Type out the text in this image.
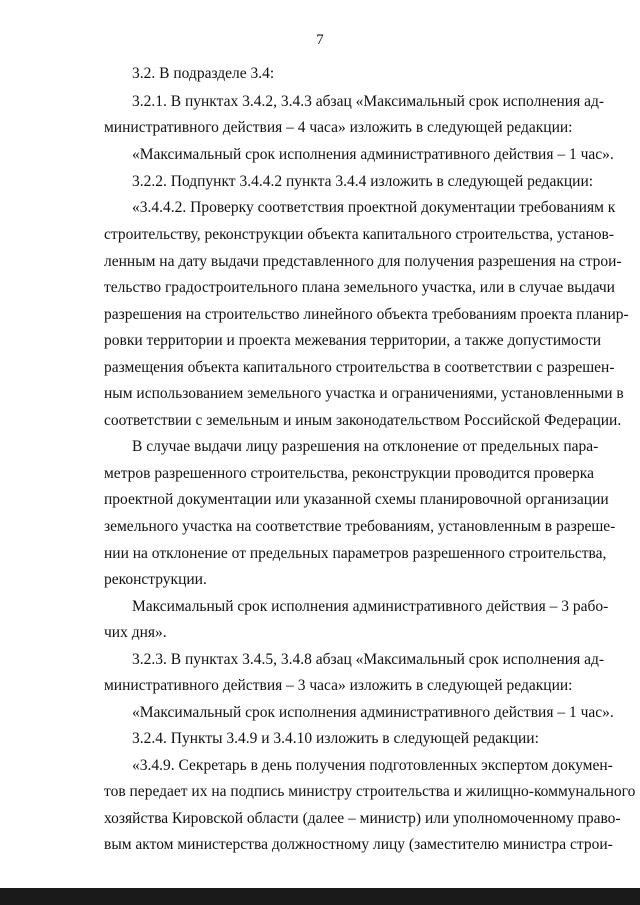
7
3.2. В подразделе 3.4:
3.2.1. В пунктах 3.4.2, 3.4.3 абзац «Максимальный срок исполнения ад-
министративного действия – 4 часа» изложить в следующей редакции:
«Максимальный срок исполнения административного действия – 1 час».
3.2.2. Подпункт 3.4.4.2 пункта 3.4.4 изложить в следующей редакции:
«3.4.4.2. Проверку соответствия проектной документации требованиям к
строительству, реконструкции объекта капитального строительства, установ-
ленным на дату выдачи представленного для получения разрешения на строи-
тельство градостроительного плана земельного участка, или в случае выдачи
разрешения на строительство линейного объекта требованиям проекта планир-
ровки территории и проекта межевания территории, а также допустимости
размещения объекта капитального строительства в соответствии с разрешен-
ным использованием земельного участка и ограничениями, установленными в
соответствии с земельным и иным законодательством Российской Федерации.
В случае выдачи лицу разрешения на отклонение от предельных пара-
метров разрешенного строительства, реконструкции проводится проверка
проектной документации или указанной схемы планировочной организации
земельного участка на соответствие требованиям, установленным в разреше-
нии на отклонение от предельных параметров разрешенного строительства,
реконструкции.
Максимальный срок исполнения административного действия – 3 рабо-
чих дня».
3.2.3. В пунктах 3.4.5, 3.4.8 абзац «Максимальный срок исполнения ад-
министративного действия – 3 часа» изложить в следующей редакции:
«Максимальный срок исполнения административного действия – 1 час».
3.2.4. Пункты 3.4.9 и 3.4.10 изложить в следующей редакции:
«3.4.9. Секретарь в день получения подготовленных экспертом докумен-
тов передает их на подпись министру строительства и жилищно-коммунального
хозяйства Кировской области (далее – министр) или уполномоченному право-
вым актом министерства должностному лицу (заместителю министра строи-
